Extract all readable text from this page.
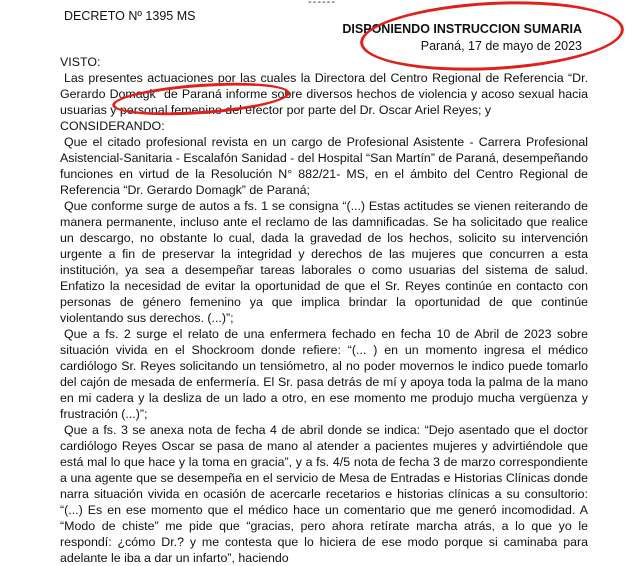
------
DECRETO Nº 1395 MS
DISPONIENDO INSTRUCCION SUMARIA
Paraná, 17 de mayo de 2023

VISTO:

Las presentes actuaciones por las cuales la Directora del Centro Regional de Referencia “Dr. Gerardo Domagk” de Paraná informe sobre diversos hechos de violencia y acoso sexual hacia usuarias y personal femenino del efector por parte del Dr. Oscar Ariel Reyes; y

CONSIDERANDO:

Que el citado profesional revista en un cargo de Profesional Asistente - Carrera Profesional Asistencial-Sanitaria - Escalafón Sanidad - del Hospital “San Martín” de Paraná, desempeñando funciones en virtud de la Resolución N° 882/21- MS, en el ámbito del Centro Regional de Referencia “Dr. Gerardo Domagk” de Paraná;

Que conforme surge de autos a fs. 1 se consigna “(...) Estas actitudes se vienen reiterando de manera permanente, incluso ante el reclamo de las damnificadas. Se ha solicitado que realice un descargo, no obstante lo cual, dada la gravedad de los hechos, solicito su intervención urgente a fin de preservar la integridad y derechos de las mujeres que concurren a esta institución, ya sea a desempeñar tareas laborales o como usuarias del sistema de salud. Enfatizo la necesidad de evitar la oportunidad de que el Sr. Reyes continúe en contacto con personas de género femenino ya que implica brindar la oportunidad de que continúe violentando sus derechos. (...)”;

Que a fs. 2 surge el relato de una enfermera fechado en fecha 10 de Abril de 2023 sobre situación vivida en el Shockroom donde refiere: “(... ) en un momento ingresa el médico cardiólogo Sr. Reyes solicitando un tensiómetro, al no poder movernos le indico puede tomarlo del cajón de mesada de enfermería. El Sr. pasa detrás de mí y apoya toda la palma de la mano en mi cadera y la desliza de un lado a otro, en ese momento me produjo mucha vergüenza y frustración (...)”;

Que a fs. 3 se anexa nota de fecha 4 de abril donde se indica: “Dejo asentado que el doctor cardiólogo Reyes Oscar se pasa de mano al atender a pacientes mujeres y advirtiéndole que está mal lo que hace y la toma en gracia”, y a fs. 4/5 nota de fecha 3 de marzo correspondiente a una agente que se desempeña en el servicio de Mesa de Entradas e Historias Clínicas donde narra situación vivida en ocasión de acercarle recetarios e historias clínicas a su consultorio: “(...) Es en ese momento que el médico hace un comentario que me generó incomodidad. A “Modo de chiste” me pide que “gracias, pero ahora retírate marcha atrás, a lo que yo le respondí: ¿cómo Dr.? y me contesta que lo hiciera de ese modo porque si caminaba para adelante le iba a dar un infarto”, haciendo
